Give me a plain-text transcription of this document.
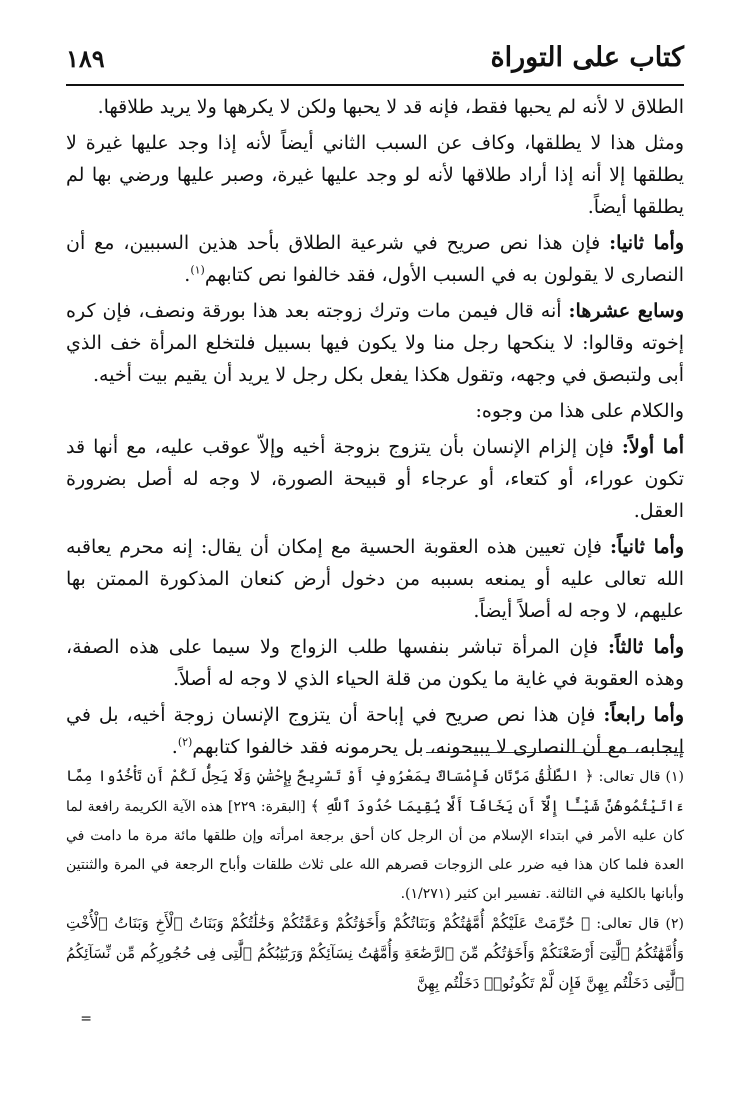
كتاب على التوراة
١٨٩

الطلاق لا لأنه لم يحبها فقط، فإنه قد لا يحبها ولكن لا يكرهها ولا يريد طلاقها.

ومثل هذا لا يطلقها، وكاف عن السبب الثاني أيضاً لأنه إذا وجد عليها غيرة لا يطلقها إلا أنه إذا أراد طلاقها لأنه لو وجد عليها غيرة، وصبر عليها ورضي بها لم يطلقها أيضاً.

وأما ثانيا: فإن هذا نص صريح في شرعية الطلاق بأحد هذين السببين، مع أن النصارى لا يقولون به في السبب الأول، فقد خالفوا نص كتابهم$^{(١)}$.

وسابع عشرها: أنه قال فيمن مات وترك زوجته بعد هذا بورقة ونصف، فإن كره إخوته وقالوا: لا ينكحها رجل منا ولا يكون فيها بسبيل فلتخلع المرأة خف الذي أبى ولتبصق في وجهه، وتقول هكذا يفعل بكل رجل لا يريد أن يقيم بيت أخيه.

والكلام على هذا من وجوه:

أما أولاً: فإن إلزام الإنسان بأن يتزوج بزوجة أخيه وإلاّ عوقب عليه، مع أنها قد تكون عوراء، أو كتعاء، أو عرجاء أو قبيحة الصورة، لا وجه له أصل بضرورة العقل.

وأما ثانياً: فإن تعيين هذه العقوبة الحسية مع إمكان أن يقال: إنه محرم يعاقبه الله تعالى عليه أو يمنعه بسببه من دخول أرض كنعان المذكورة الممتن بها عليهم، لا وجه له أصلاً أيضاً.

وأما ثالثاً: فإن المرأة تباشر بنفسها طلب الزواج ولا سيما على هذه الصفة، وهذه العقوبة في غاية ما يكون من قلة الحياء الذي لا وجه له أصلاً.

وأما رابعاً: فإن هذا نص صريح في إباحة أن يتزوج الإنسان زوجة أخيه، بل في إيجابه، مع أن النصارى لا يبيحونه، بل يحرمونه فقد خالفوا كتابهم$^{(٢)}$.

(١) قال تعالى: ﴿ الطَّلَٰقُ مَرَّتَانِ فَإِمْسَاكٌ بِمَعْرُوفٍ أَوْ تَسْرِيحٌ بِإِحْسَٰنٍ وَلَا يَحِلُّ لَكُمْ أَن تَأْخُذُوا مِمَّا ءَاتَيْتُمُوهُنَّ شَيْـًٔا إِلَّآ أَن يَخَافَآ أَلَّا يُقِيمَا حُدُودَ ٱللَّهِ ﴾ [البقرة: ٢٢٩] هذه الآية الكريمة رافعة لما كان عليه الأمر في ابتداء الإسلام من أن الرجل كان أحق برجعة امرأته وإن طلقها مائة مرة ما دامت في العدة فلما كان هذا فيه ضرر على الزوجات قصرهم الله على ثلاث طلقات وأباح الرجعة في المرة والثنتين وأبانها بالكلية في الثالثة. تفسير ابن كثير (١/٢٧١).

(٢) قال تعالى: ﴿ حُرِّمَتْ عَلَيْكُمْ أُمَّهَٰتُكُمْ وَبَنَاتُكُمْ وَأَخَوَٰتُكُمْ وَعَمَّٰتُكُمْ وَخَٰلَٰتُكُمْ وَبَنَاتُ ٱلْأَخِ وَبَنَاتُ ٱلْأُخْتِ وَأُمَّهَٰتُكُمُ ٱلَّٰتِىٓ أَرْضَعْنَكُمْ وَأَخَوَٰتُكُم مِّنَ ٱلرَّضَٰعَةِ وَأُمَّهَٰتُ نِسَآئِكُمْ وَرَبَٰٓئِبُكُمُ ٱلَّٰتِى فِى حُجُورِكُم مِّن نِّسَآئِكُمُ ٱلَّٰتِى دَخَلْتُم بِهِنَّ فَإِن لَّمْ تَكُونُوا۟ دَخَلْتُم بِهِنَّ

=
